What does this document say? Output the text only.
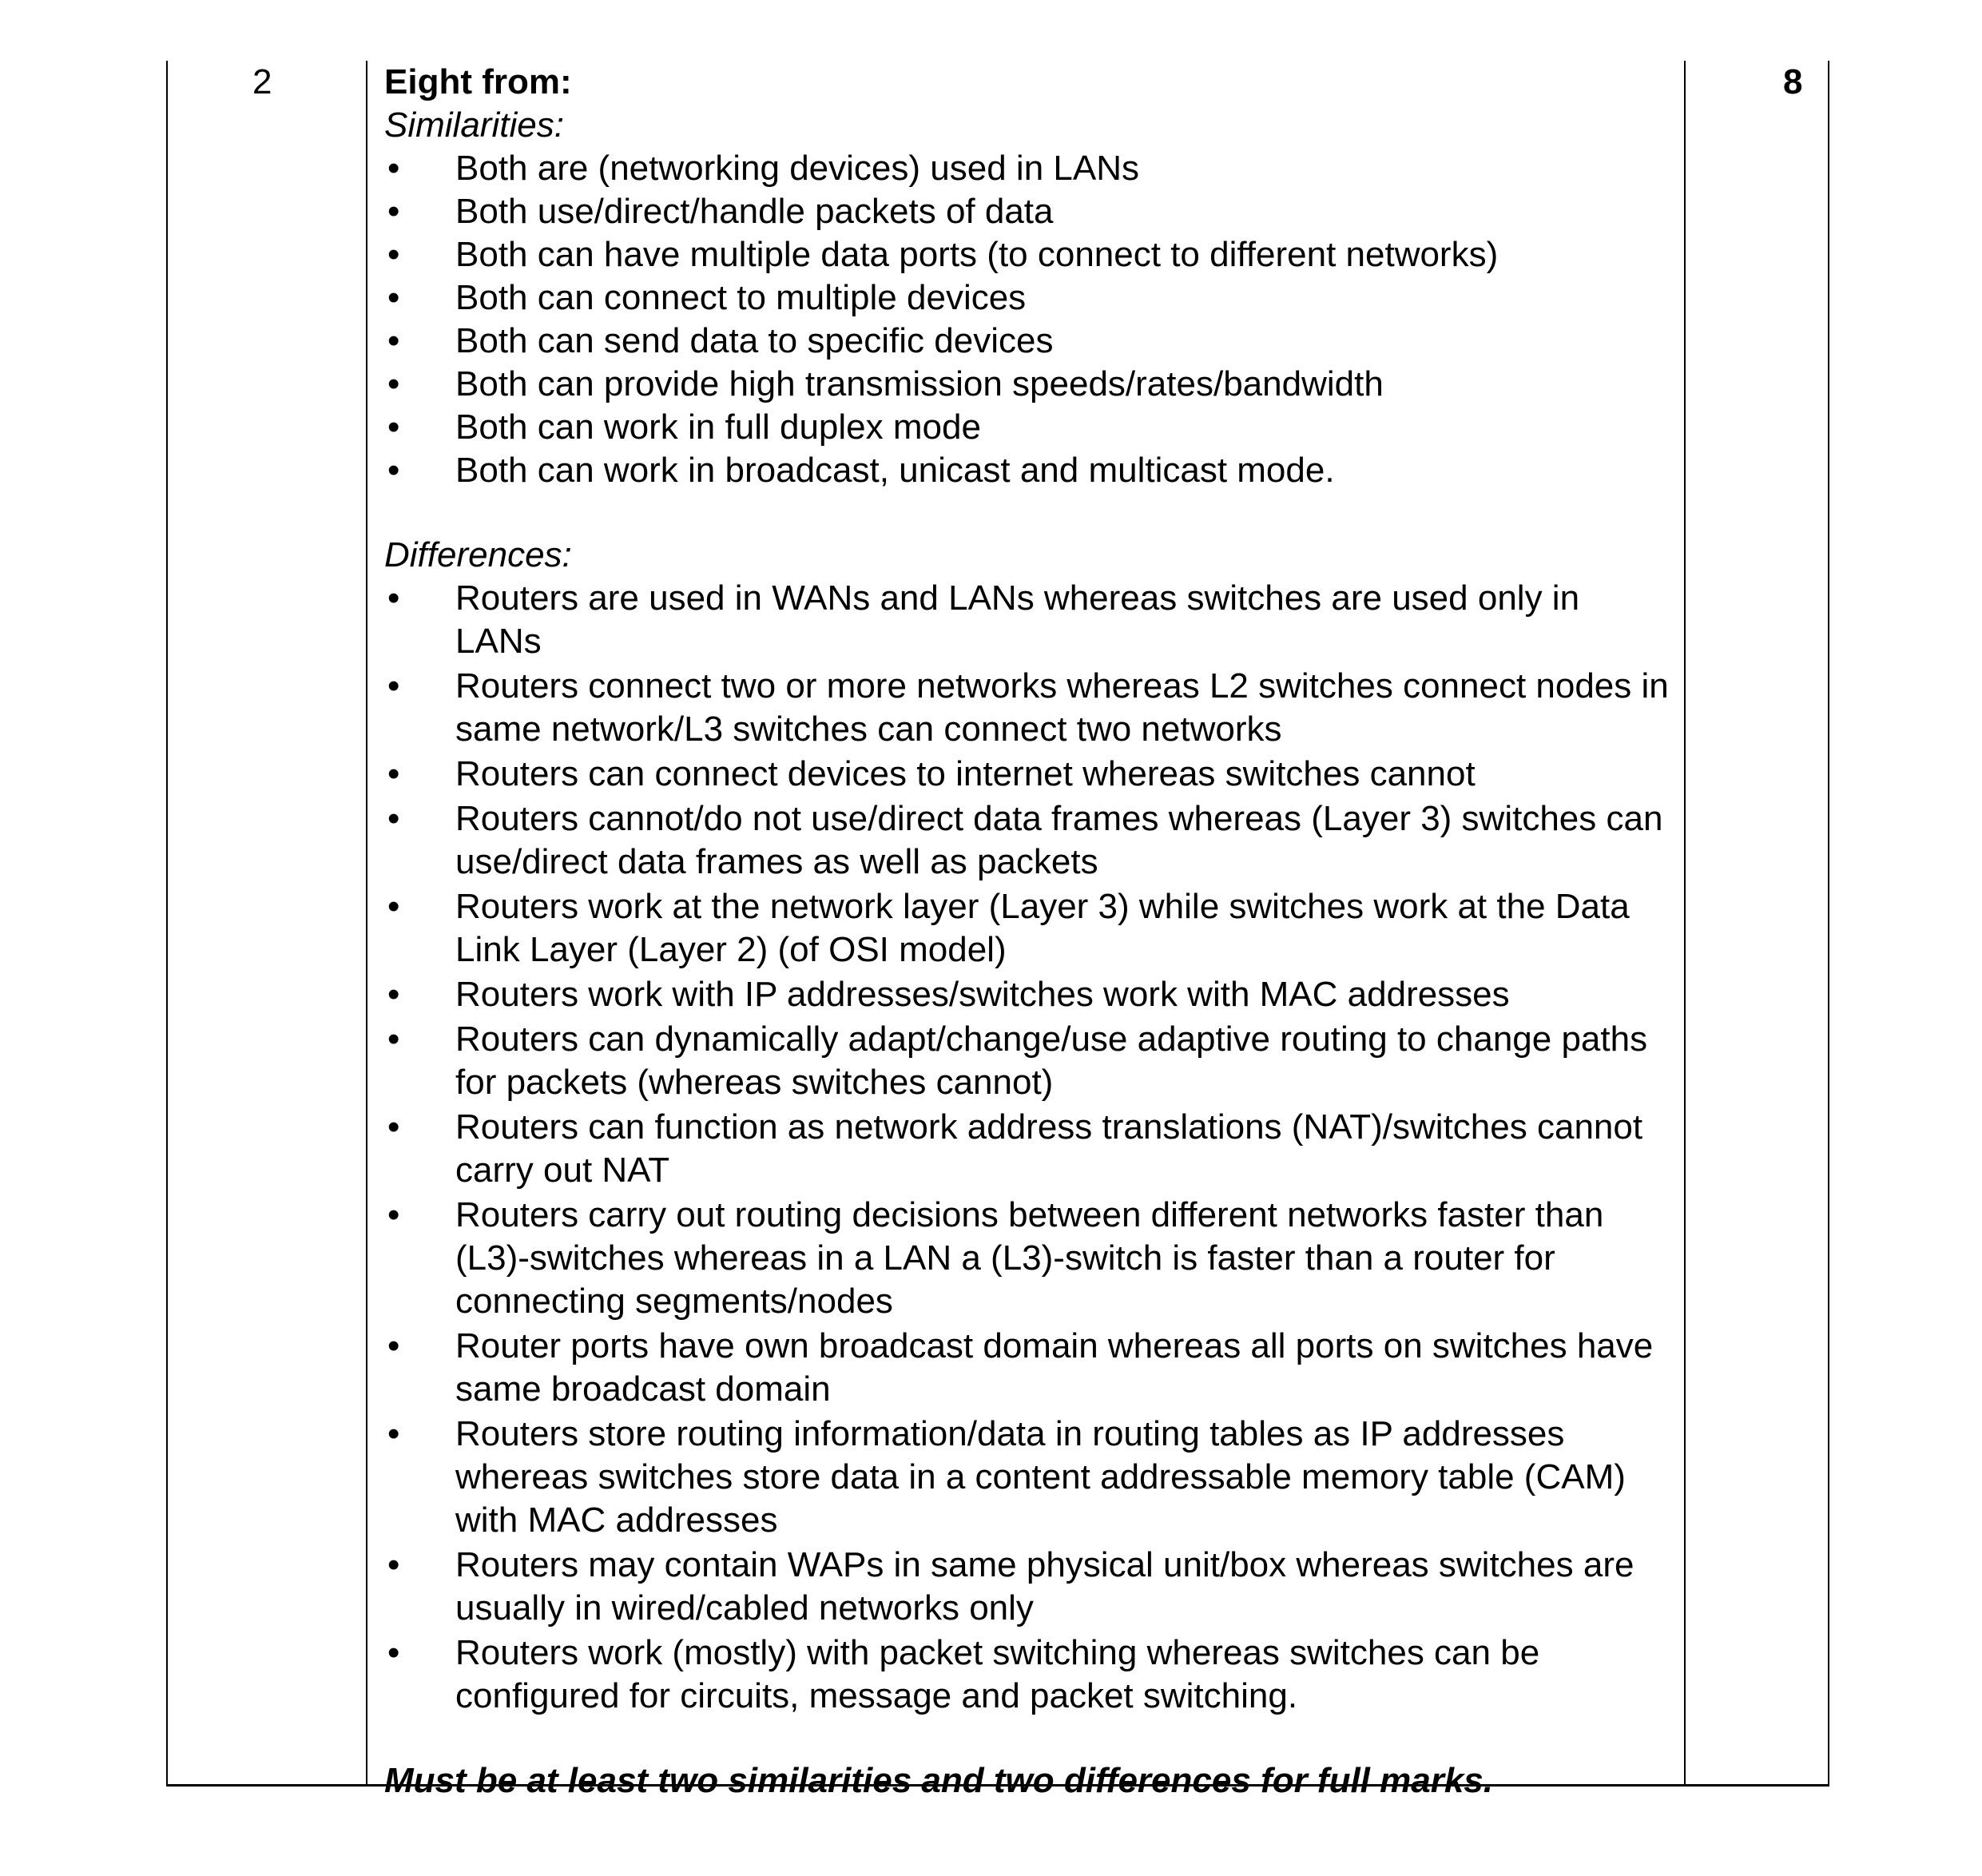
2	Eight from:
Similarities:
• Both are (networking devices) used in LANs
• Both use/direct/handle packets of data
• Both can have multiple data ports (to connect to different networks)
• Both can connect to multiple devices
• Both can send data to specific devices
• Both can provide high transmission speeds/rates/bandwidth
• Both can work in full duplex mode
• Both can work in broadcast, unicast and multicast mode.
Differences:
• Routers are used in WANs and LANs whereas switches are used only in LANs
• Routers connect two or more networks whereas L2 switches connect nodes in same network/L3 switches can connect two networks
• Routers can connect devices to internet whereas switches cannot
• Routers cannot/do not use/direct data frames whereas (Layer 3) switches can use/direct data frames as well as packets
• Routers work at the network layer (Layer 3) while switches work at the Data Link Layer (Layer 2) (of OSI model)
• Routers work with IP addresses/switches work with MAC addresses
• Routers can dynamically adapt/change/use adaptive routing to change paths for packets (whereas switches cannot)
• Routers can function as network address translations (NAT)/switches cannot carry out NAT
• Routers carry out routing decisions between different networks faster than (L3)-switches whereas in a LAN a (L3)-switch is faster than a router for connecting segments/nodes
• Router ports have own broadcast domain whereas all ports on switches have same broadcast domain
• Routers store routing information/data in routing tables as IP addresses whereas switches store data in a content addressable memory table (CAM) with MAC addresses
• Routers may contain WAPs in same physical unit/box whereas switches are usually in wired/cabled networks only
• Routers work (mostly) with packet switching whereas switches can be configured for circuits, message and packet switching.
Must be at least two similarities and two differences for full marks.
8
